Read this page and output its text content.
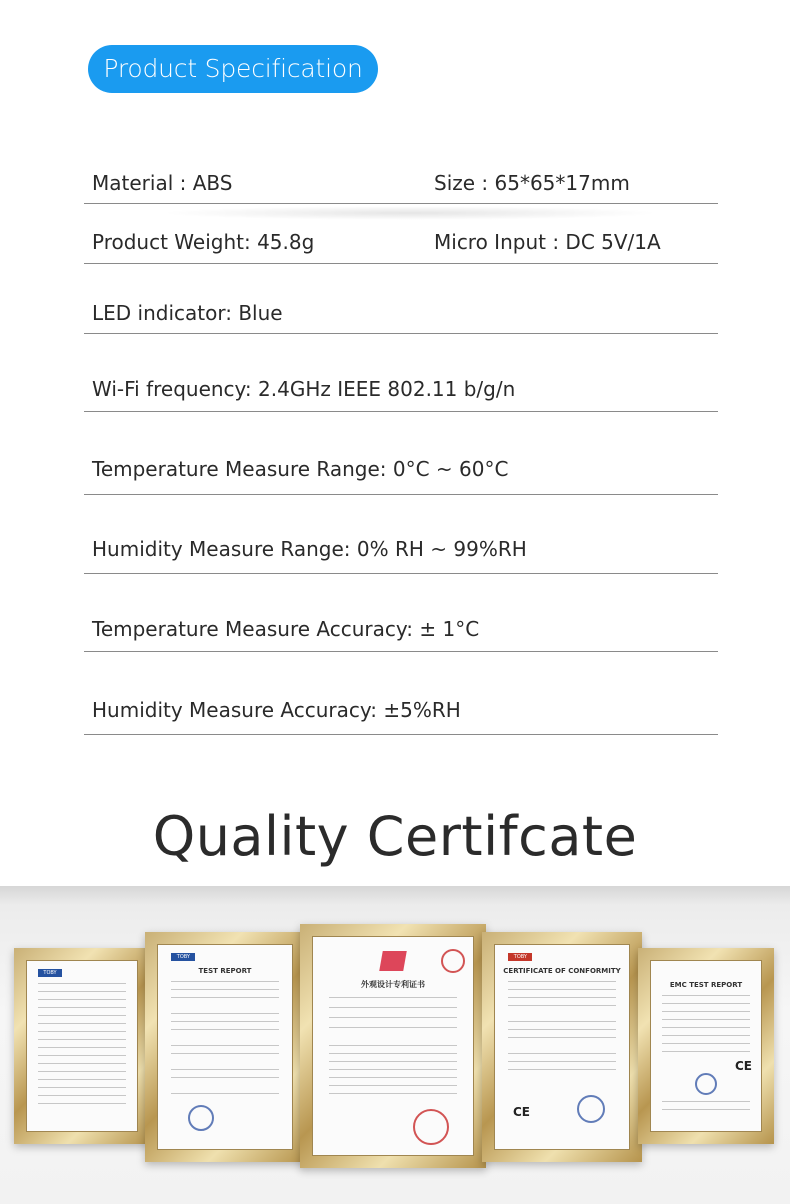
Product Specification
Material : ABS	Size : 65*65*17mm
Product Weight: 45.8g	Micro Input : DC 5V/1A
LED indicator: Blue
Wi-Fi frequency: 2.4GHz IEEE 802.11 b/g/n
Temperature Measure Range: 0°C ~ 60°C
Humidity Measure Range: 0% RH ~ 99%RH
Temperature Measure Accuracy: ± 1°C
Humidity Measure Accuracy: ±5%RH
Quality Certifcate
TOBY
TOBY
TEST REPORT
外观设计专利证书
TOBY
CERTIFICATE OF CONFORMITY
CE
EMC TEST REPORT
CE
